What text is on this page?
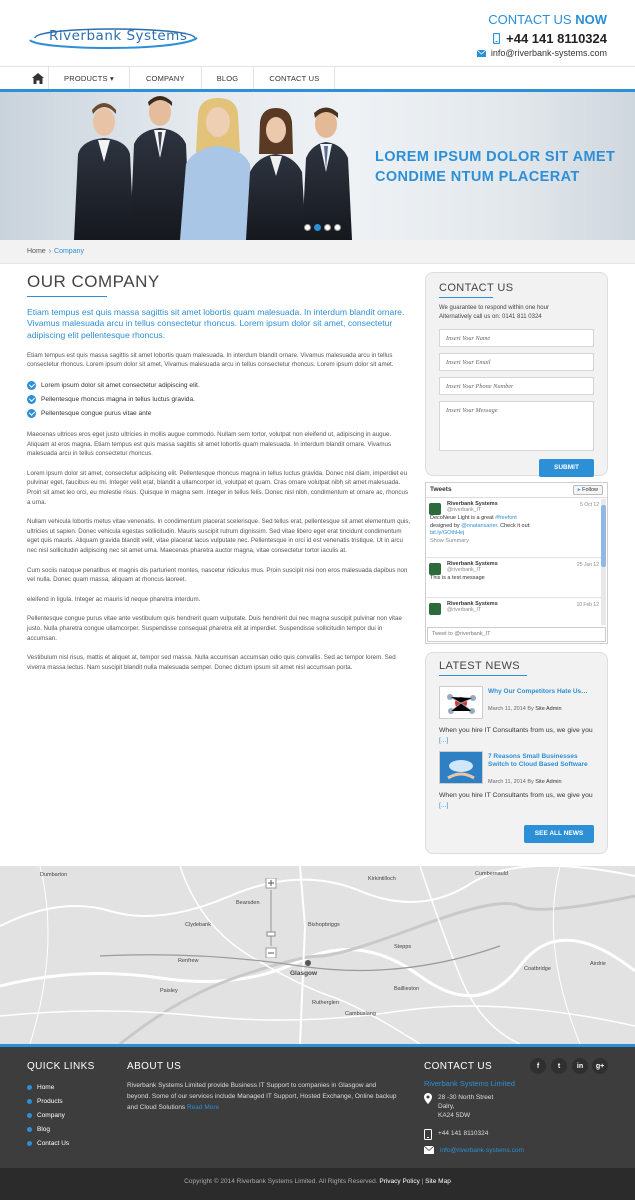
Riverbank Systems
CONTACT US NOW
+44 141 8110324
info@riverbank-systems.com
PRODUCTS ▾	COMPANY	BLOG	CONTACT US
LOREM IPSUM DOLOR SIT AMET
CONDIME NTUM PLACERAT
Home › Company
OUR COMPANY

Etiam tempus est quis massa sagittis sit amet lobortis quam malesuada. In interdum blandit ornare. Vivamus malesuada arcu in tellus consectetur rhoncus. Lorem ipsum dolor sit amet, consectetur adipiscing elit pellentesque rhoncus.

Etiam tempus est quis massa sagittis sit amet lobortis quam malesuada. In interdum blandit ornare. Vivamus malesuada arcu in tellus consectetur rhoncus. Lorem ipsum dolor sit amet, Vivamus malesuada arcu in tellus consectetur rhoncus. Lorem ipsum dolor sit amet.

Lorem ipsum dolor sit amet consectetur adipiscing elit.
Pellentesque rhoncus magna in tellus luctus gravida.
Pellentesque congue purus vitae ante

Maecenas ultrices eros eget justo ultricies in mollis augue commodo. Nullam sem tortor, volutpat non eleifend ut, adipiscing in augue. Aliquam at eros magna. Etiam tempus est quis massa sagittis sit amet lobortis quam malesuada. In interdum blandit ornare. Vivamus malesuada arcu in tellus consectetur rhoncus.

Lorem ipsum dolor sit amet, consectetur adipiscing elit. Pellentesque rhoncus magna in tellus luctus gravida. Donec nisl diam, imperdiet eu pulvinar eget, faucibus eu mi. Integer velit erat, blandit a ullamcorper id, volutpat et quam. Cras ornare volutpat nibh sit amet malesuada. Proin sit amet leo orci, eu molestie risus. Quisque in magna sem. Integer in tellus felis. Donec nisl nibh, condimentum et ornare ac, rhoncus a urna.

Nullam vehicula lobortis metus vitae venenatis. In condimentum placerat scelerisque. Sed tellus erat, pellentesque sit amet elementum quis, ultricies ut sapien. Donec vehicula egestas sollicitudin. Mauris suscipit rutrum dignissim. Sed vitae libero eget erat tincidunt condimentum eget quis mauris. Aliquam gravida blandit velit, vitae placerat lacus vulputate nec. Pellentesque in orci id est venenatis tristique. Ut in arcu nec nisl sollicitudin adipiscing nec sit amet urna. Maecenas pharetra auctor magna, vitae consectetur tortor iaculis at.

Cum sociis natoque penatibus et magnis dis parturient montes, nascetur ridiculus mus. Proin suscipit nisi non eros malesuada dapibus non vel nulla. Donec quam massa, aliquam at rhoncus laoreet.

eleifend in ligula. Integer ac mauris id neque pharetra interdum.

Pellentesque congue purus vitae ante vestibulum quis hendrerit quam vulputate. Duis hendrerit dui nec magna suscipit pulvinar non vitae justo. Nulla pharetra congue ullamcorper. Suspendisse consequat pharetra elit at imperdiet. Suspendisse sollicitudin tempor dui in accumsan.

Vestibulum nisl risus, mattis et aliquet at, tempor sed massa. Nulla accumsan accumsan odio quis convallis. Sed ac tempor lorem. Sed viverra massa lectus. Nam suscipit blandit nulla malesuada semper. Donec dictum ipsum sit amet nisl accumsan porta.

CONTACT US
We guarantee to respond within one hour
Alternatively call us on: 0141 811 0324
Insert Your Name
Insert Your Email
Insert Your Phone Number
Insert Your Message
SUBMIT
Tweets	▸ Follow
Riverbank Systems
@riverbank_IT
5 Oct 12
DecoNeue Light is a great #freefont
designed by @onatansarier. Check it out:
bit.ly/GOthHej
Show Summary
Riverbank Systems
@riverbank_IT
25 Jun 12
This is a test message
Riverbank Systems
@riverbank_IT
10 Feb 12
Tweet to @riverbank_IT
LATEST NEWS
Why Our Competitors Hate Us…
March 11, 2014 By Site Admin
When you hire IT Consultants from us, we give you [...]
7 Reasons Small Businesses Switch to Cloud Based Software
March 11, 2014 By Site Admin
When you hire IT Consultants from us, we give you [...]
SEE ALL NEWS
Dumbarton
Kirkintilloch
Cumbernauld
Bearsden
Clydebank	Bishopbriggs
Stepps
Glasgow
Paisley
Rutherglen
Cambuslang
Coatbridge
Airdrie
Renfrew
Baillieston
QUICK LINKS
Home
Products
Company
Blog
Contact Us
ABOUT US
Riverbank Systems Limited provide Business IT Support to companies in Glasgow and beyond. Some of our services include Managed IT Support, Hosted Exchange, Online backup and Cloud Solutions Read More
CONTACT US	f	t	in	g+
Riverbank Systems Limited
28 -30 North Street
Dalry,
KA24 5DW
+44 141 8110324
info@riverbank-systems.com
Copyright © 2014 Riverbank Systems Limited. All Rights Reserved. Privacy Policy | Site Map
